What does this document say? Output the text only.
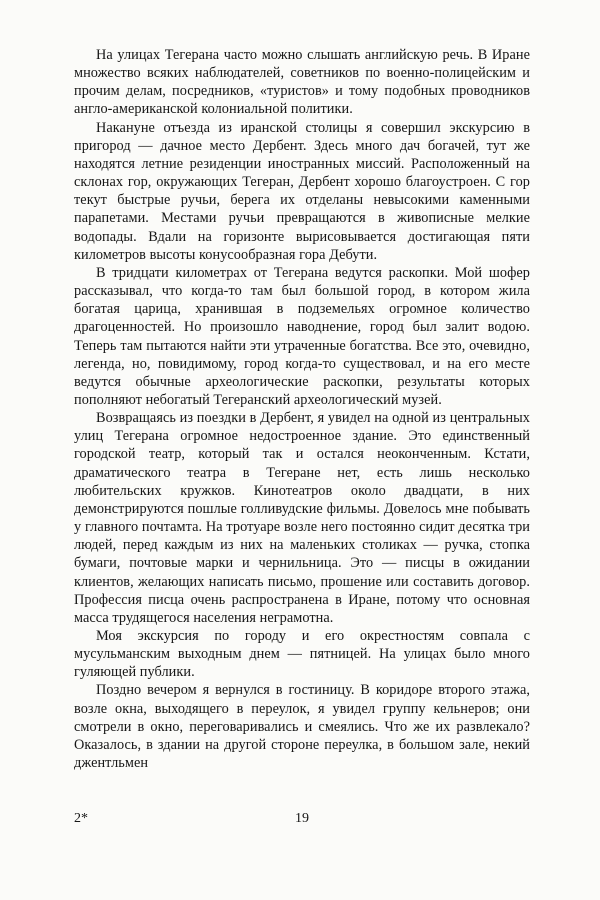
На улицах Тегерана часто можно слышать английскую речь. В Иране множество всяких наблюдателей, советников по военно-полицейским и прочим делам, посредников, «туристов» и тому подобных проводников англо-американской колониальной политики.

Накануне отъезда из иранской столицы я совершил экскурсию в пригород — дачное место Дербент. Здесь много дач богачей, тут же находятся летние резиденции иностранных миссий. Расположенный на склонах гор, окружающих Тегеран, Дербент хорошо благоустроен. С гор текут быстрые ручьи, берега их отделаны невысокими каменными парапетами. Местами ручьи превращаются в живописные мелкие водопады. Вдали на горизонте вырисовывается достигающая пяти километров высоты конусообразная гора Дебути.

В тридцати километрах от Тегерана ведутся раскопки. Мой шофер рассказывал, что когда-то там был большой город, в котором жила богатая царица, хранившая в подземельях огромное количество драгоценностей. Но произошло наводнение, город был залит водою. Теперь там пытаются найти эти утраченные богатства. Все это, очевидно, легенда, но, повидимому, город когда-то существовал, и на его месте ведутся обычные археологические раскопки, результаты которых пополняют небогатый Тегеранский археологический музей.

Возвращаясь из поездки в Дербент, я увидел на одной из центральных улиц Тегерана огромное недостроенное здание. Это единственный городской театр, который так и остался неоконченным. Кстати, драматического театра в Тегеране нет, есть лишь несколько любительских кружков. Кинотеатров около двадцати, в них демонстрируются пошлые голливудские фильмы. Довелось мне побывать у главного почтамта. На тротуаре возле него постоянно сидит десятка три людей, перед каждым из них на маленьких столиках — ручка, стопка бумаги, почтовые марки и чернильница. Это — писцы в ожидании клиентов, желающих написать письмо, прошение или составить договор. Профессия писца очень распространена в Иране, потому что основная масса трудящегося населения неграмотна.

Моя экскурсия по городу и его окрестностям совпала с мусульманским выходным днем — пятницей. На улицах было много гуляющей публики.

Поздно вечером я вернулся в гостиницу. В коридоре второго этажа, возле окна, выходящего в переулок, я увидел группу кельнеров; они смотрели в окно, переговаривались и смеялись. Что же их развлекало? Оказалось, в здании на другой стороне переулка, в большом зале, некий джентльмен

2*	19
